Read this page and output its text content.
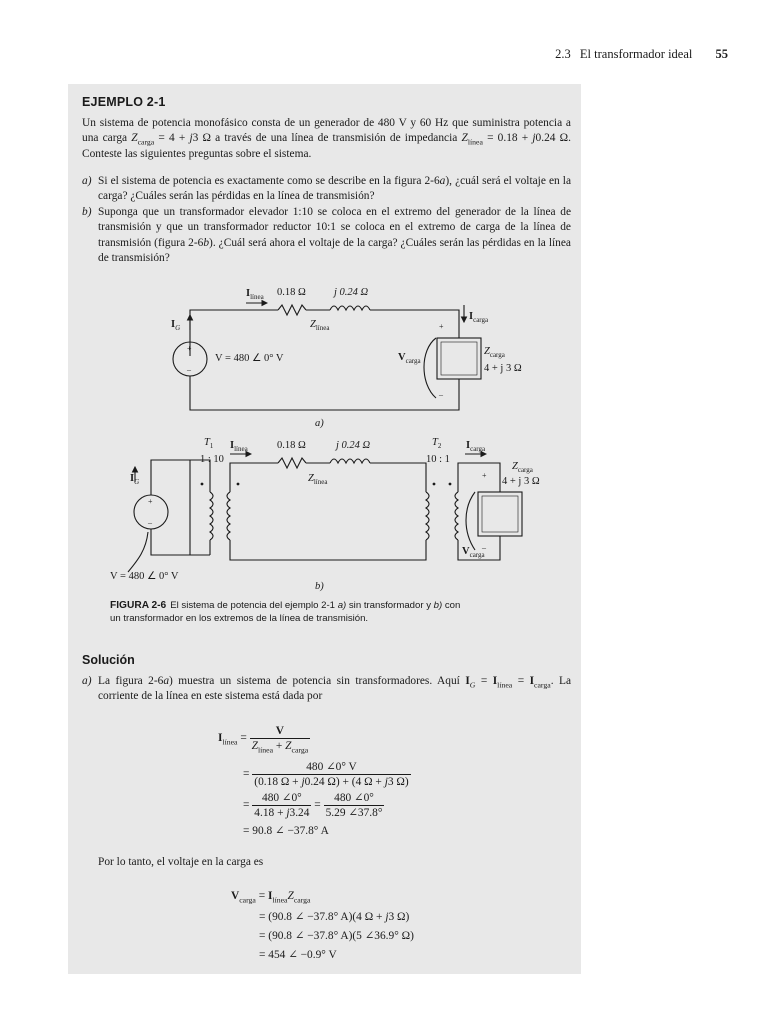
2.3 El transformador ideal 55
EJEMPLO 2-1
Un sistema de potencia monofásico consta de un generador de 480 V y 60 Hz que suministra potencia a una carga $Z_{carga} = 4 + j3$ Ω a través de una línea de transmisión de impedancia $Z_{línea} = 0.18 + j0.24$ Ω. Conteste las siguientes preguntas sobre el sistema.
a) Si el sistema de potencia es exactamente como se describe en la figura 2-6a), ¿cuál será el voltaje en la carga? ¿Cuáles serán las pérdidas en la línea de transmisión?
b) Suponga que un transformador elevador 1:10 se coloca en el extremo del generador de la línea de transmisión y que un transformador reductor 10:1 se coloca en el extremo de carga de la línea de transmisión (figura 2-6b). ¿Cuál será ahora el voltaje de la carga? ¿Cuáles serán las pérdidas en la línea de transmisión?
$I_{línea}$ 0.18 Ω	j 0.24 Ω
$Z_{línea}$
$I_G$
+
–
V = 480 ∠ 0° V	$V_{carga}$
+
–
$Z_{carga}$
4 + j 3 Ω
$I_{carga}$
a)
$T_1$
1 : 10
$T_2$
10 : 1
$I_{línea}$	0.18 Ω	j 0.24 Ω
$Z_{línea}$
$I_G$
+
–
$I_{carga}$
$Z_{carga}$
4 + j 3 Ω
+
–
$V_{carga}$
V = 480 ∠ 0° V
b)
FIGURA 2-6 El sistema de potencia del ejemplo 2-1 a) sin transformador y b) con un transformador en los extremos de la línea de transmisión.
Solución
a) La figura 2-6a) muestra un sistema de potencia sin transformadores. Aquí $I_G = I_{línea} = I_{carga}$. La corriente de la línea en este sistema está dada por
$I_{línea} = \frac{V}{Z_{línea} + Z_{carga}}$
= $\frac{480 \angle 0^\circ V}{(0.18 \Omega + j0.24 \Omega) + (4 \Omega + j3 \Omega)}$
= $\frac{480 \angle 0^\circ}{4.18 + j3.24} = \frac{480 \angle 0^\circ}{5.29 \angle 37.8^\circ}$
= 90.8 ∠ −37.8° A
Por lo tanto, el voltaje en la carga es
$V_{carga} = I_{línea}Z_{carga}$
= (90.8 ∠ −37.8° A)(4 Ω + j3 Ω)
= (90.8 ∠ −37.8° A)(5 ∠36.9° Ω)
= 454 ∠ −0.9° V
